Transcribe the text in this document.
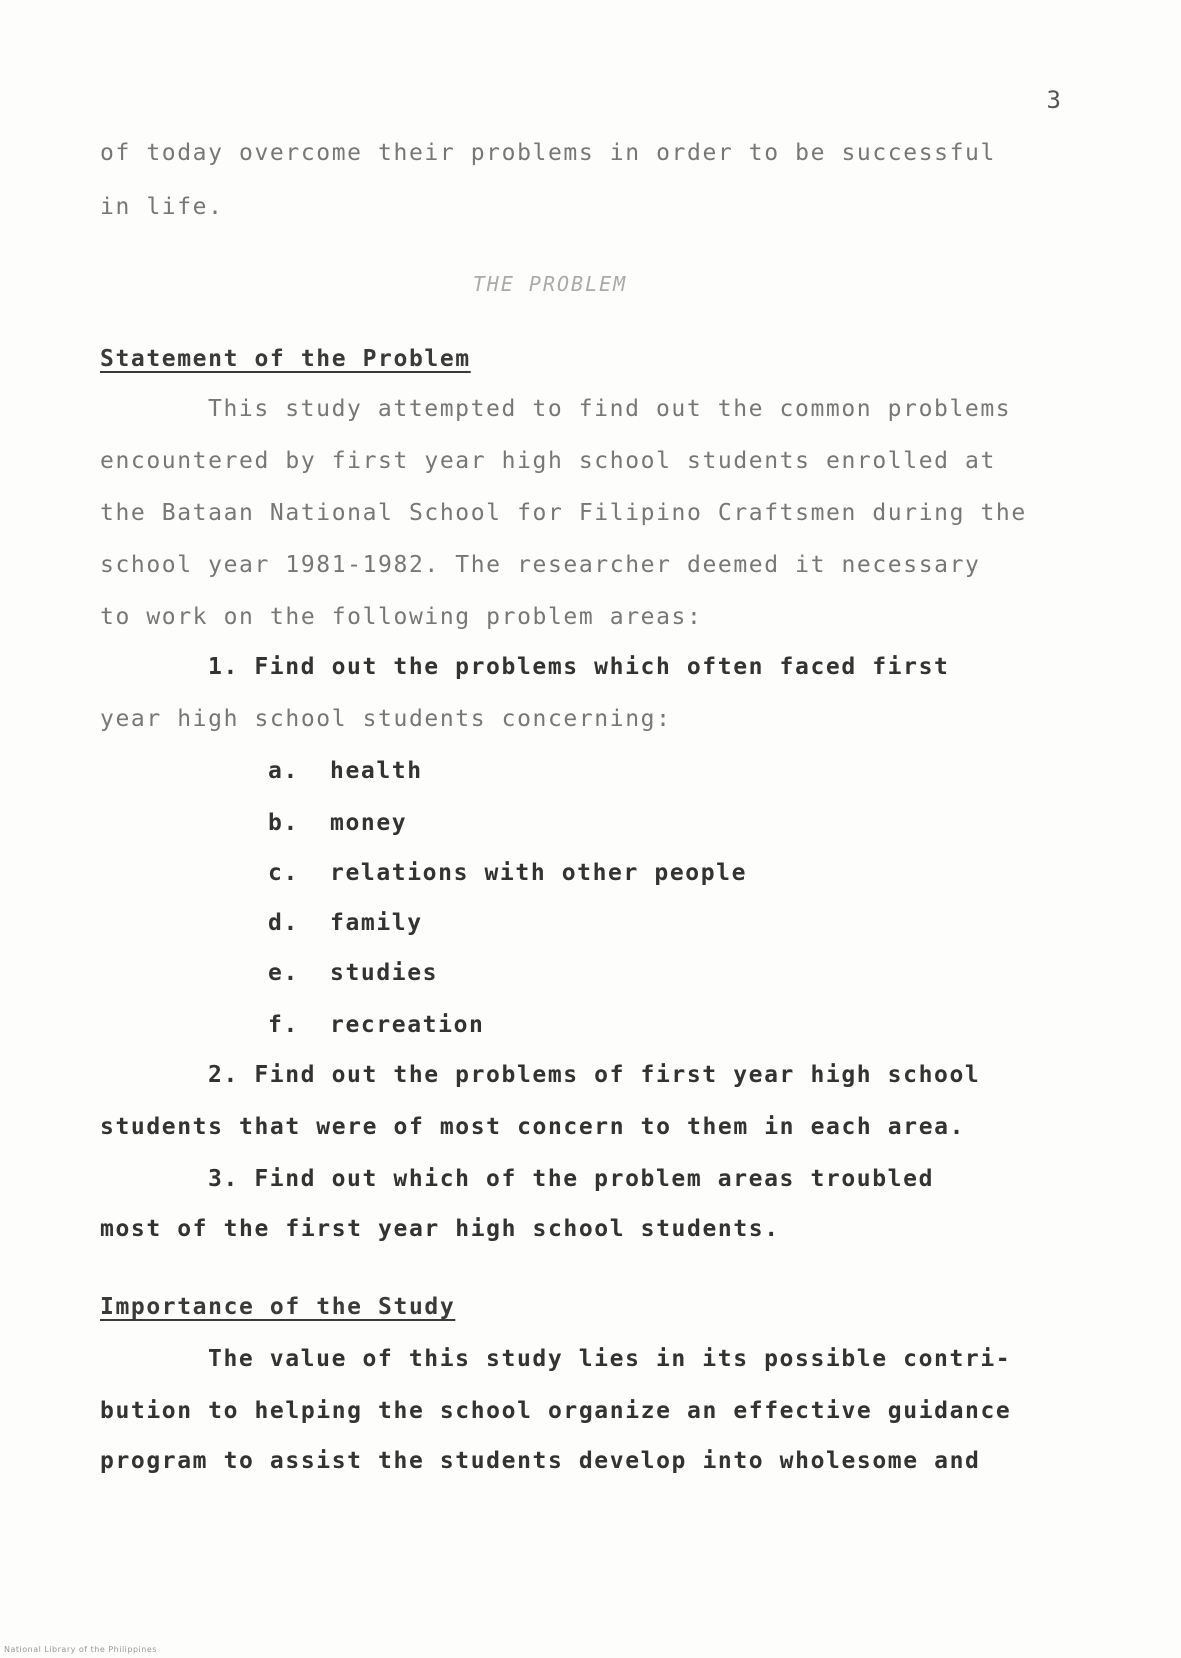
3
of today overcome their problems in order to be successful
in life.
THE PROBLEM
Statement of the Problem
This study attempted to find out the common problems
encountered by first year high school students enrolled at
the Bataan National School for Filipino Craftsmen during the
school year 1981-1982. The researcher deemed it necessary
to work on the following problem areas:
1. Find out the problems which often faced first
year high school students concerning:
a. health
b. money
c. relations with other people
d. family
e. studies
f. recreation
2. Find out the problems of first year high school
students that were of most concern to them in each area.
3. Find out which of the problem areas troubled
most of the first year high school students.
Importance of the Study
The value of this study lies in its possible contri-
bution to helping the school organize an effective guidance
program to assist the students develop into wholesome and
National Library of the Philippines
